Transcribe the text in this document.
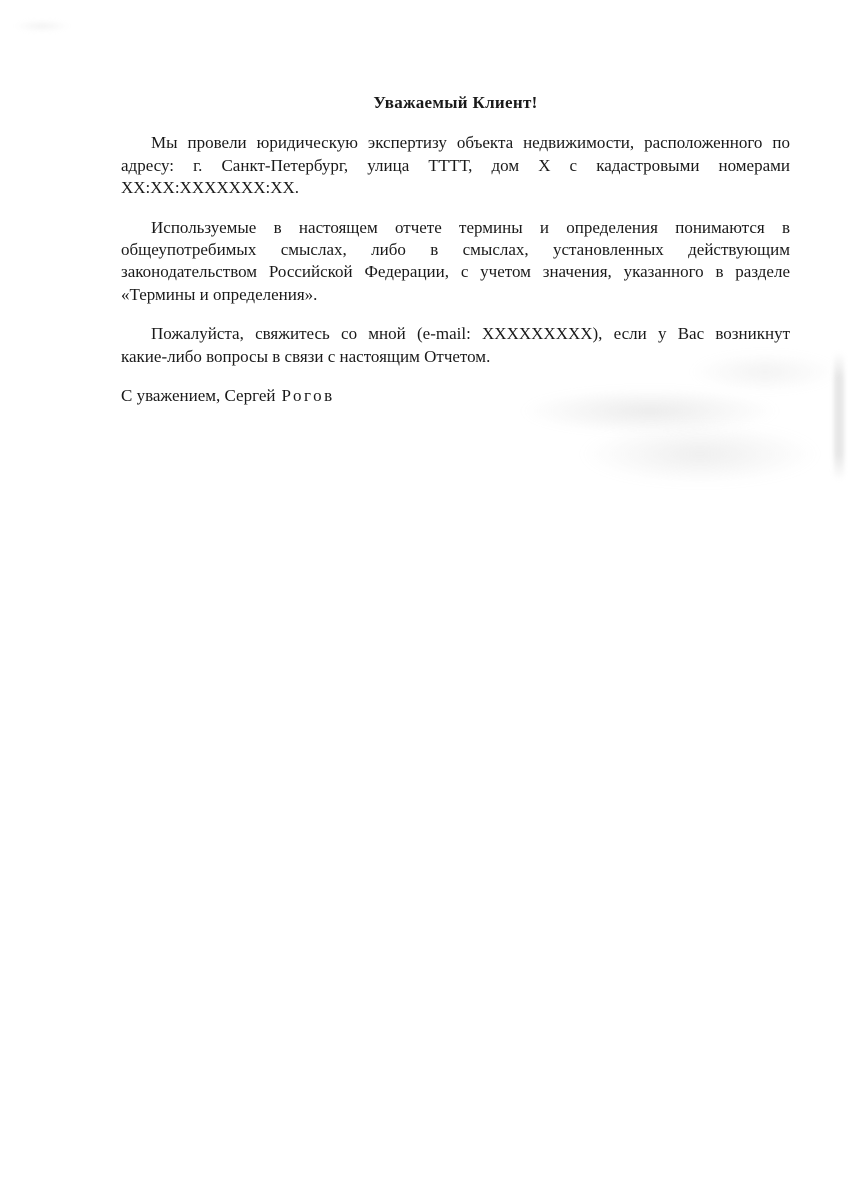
Уважаемый Клиент!

Мы провели юридическую экспертизу объекта недвижимости, расположенного по
адресу: г. Санкт-Петербург, улица ТТТТ, дом Х с кадастровыми номерами
XX:XX:XXXXXXX:XX.
Используемые в настоящем отчете термины и определения понимаются в
общеупотребимых смыслах, либо в смыслах, установленных действующим
законодательством Российской Федерации, с учетом значения, указанного в разделе
«Термины и определения».
Пожалуйста, свяжитесь со мной (e-mail: XXXXXXXXX), если у Вас возникнут
какие-либо вопросы в связи с настоящим Отчетом.
С уважением, Сергей Рогов
